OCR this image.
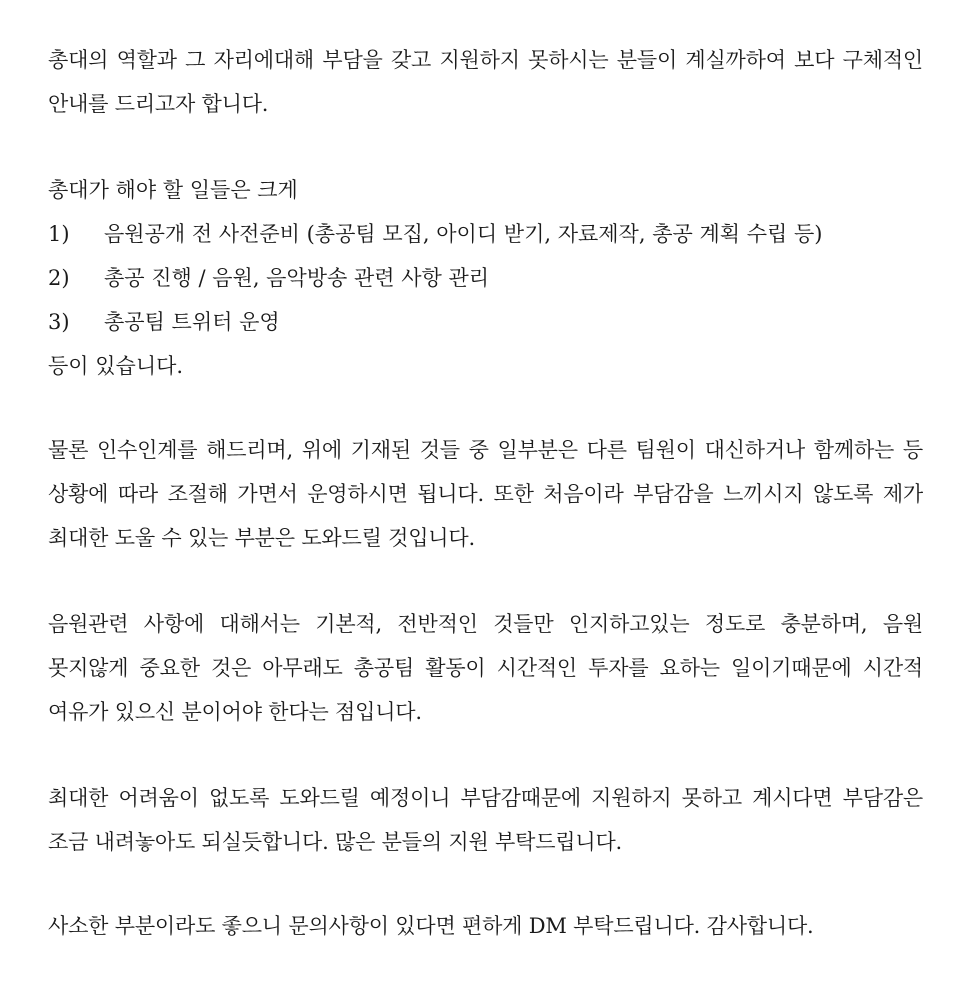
총대의 역할과 그 자리에대해 부담을 갖고 지원하지 못하시는 분들이 계실까하여 보다 구체적인 안내를 드리고자 합니다.

총대가 해야 할 일들은 크게
1)	음원공개 전 사전준비 (총공팀 모집, 아이디 받기, 자료제작, 총공 계획 수립 등)
2)	총공 진행 / 음원, 음악방송 관련 사항 관리
3)	총공팀 트위터 운영
등이 있습니다.

물론 인수인계를 해드리며, 위에 기재된 것들 중 일부분은 다른 팀원이 대신하거나 함께하는 등 상황에 따라 조절해 가면서 운영하시면 됩니다. 또한 처음이라 부담감을 느끼시지 않도록 제가 최대한 도울 수 있는 부분은 도와드릴 것입니다.

음원관련 사항에 대해서는 기본적, 전반적인 것들만 인지하고있는 정도로 충분하며, 음원 못지않게 중요한 것은 아무래도 총공팀 활동이 시간적인 투자를 요하는 일이기때문에 시간적 여유가 있으신 분이어야 한다는 점입니다.

최대한 어려움이 없도록 도와드릴 예정이니 부담감때문에 지원하지 못하고 계시다면 부담감은 조금 내려놓아도 되실듯합니다. 많은 분들의 지원 부탁드립니다.

사소한 부분이라도 좋으니 문의사항이 있다면 편하게 DM 부탁드립니다. 감사합니다.
